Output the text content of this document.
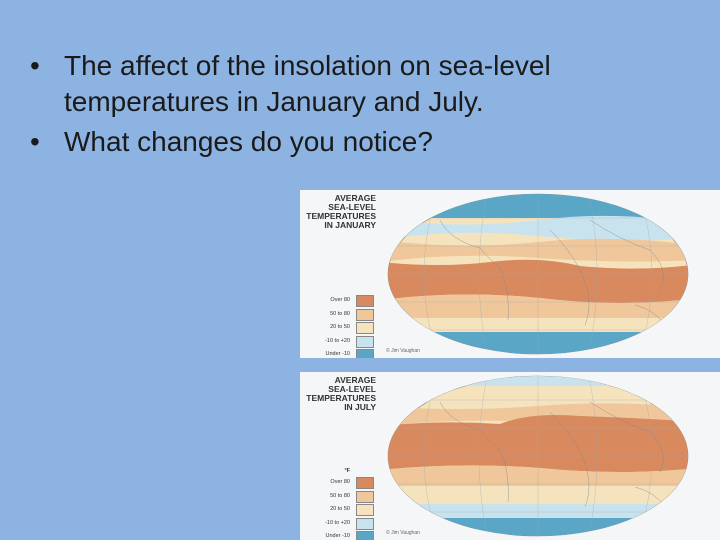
• The affect of the insolation on sea-level temperatures in January and July.
• What changes do you notice?
AVERAGE
SEA-LEVEL
TEMPERATURES
IN JANUARY
Over 80
50 to 80
20 to 50
-10 to +20
Under -10	© Jim Vaughan
AVERAGE
SEA-LEVEL
TEMPERATURES
IN JULY
°F
Over 80
50 to 80
20 to 50
-10 to +20
Under -10	© Jim Vaughan
